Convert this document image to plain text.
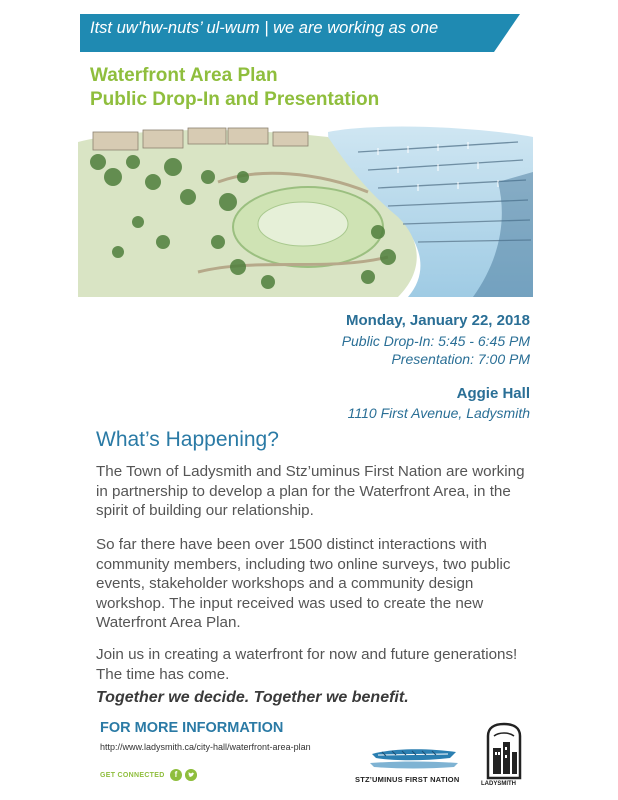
Itst uw’hw-nuts’ ul-wum | we are working as one
Waterfront Area Plan
Public Drop-In and Presentation
Monday, January 22, 2018
Public Drop-In: 5:45 - 6:45 PM
Presentation: 7:00 PM
Aggie Hall
1110 First Avenue, Ladysmith
What’s Happening?
The Town of Ladysmith and Stz’uminus First Nation are working in partnership to develop a plan for the Waterfront Area, in the spirit of building our relationship.
So far there have been over 1500 distinct interactions with community members, including two online surveys, two public events, stakeholder workshops and a community design workshop. The input received was used to create the new Waterfront Area Plan.
Join us in creating a waterfront for now and future generations! The time has come.
Together we decide. Together we benefit.
FOR MORE INFORMATION
http://www.ladysmith.ca/city-hall/waterfront-area-plan
GET CONNECTED	f
STZ’UMINUS FIRST NATION	LADYSMITH
